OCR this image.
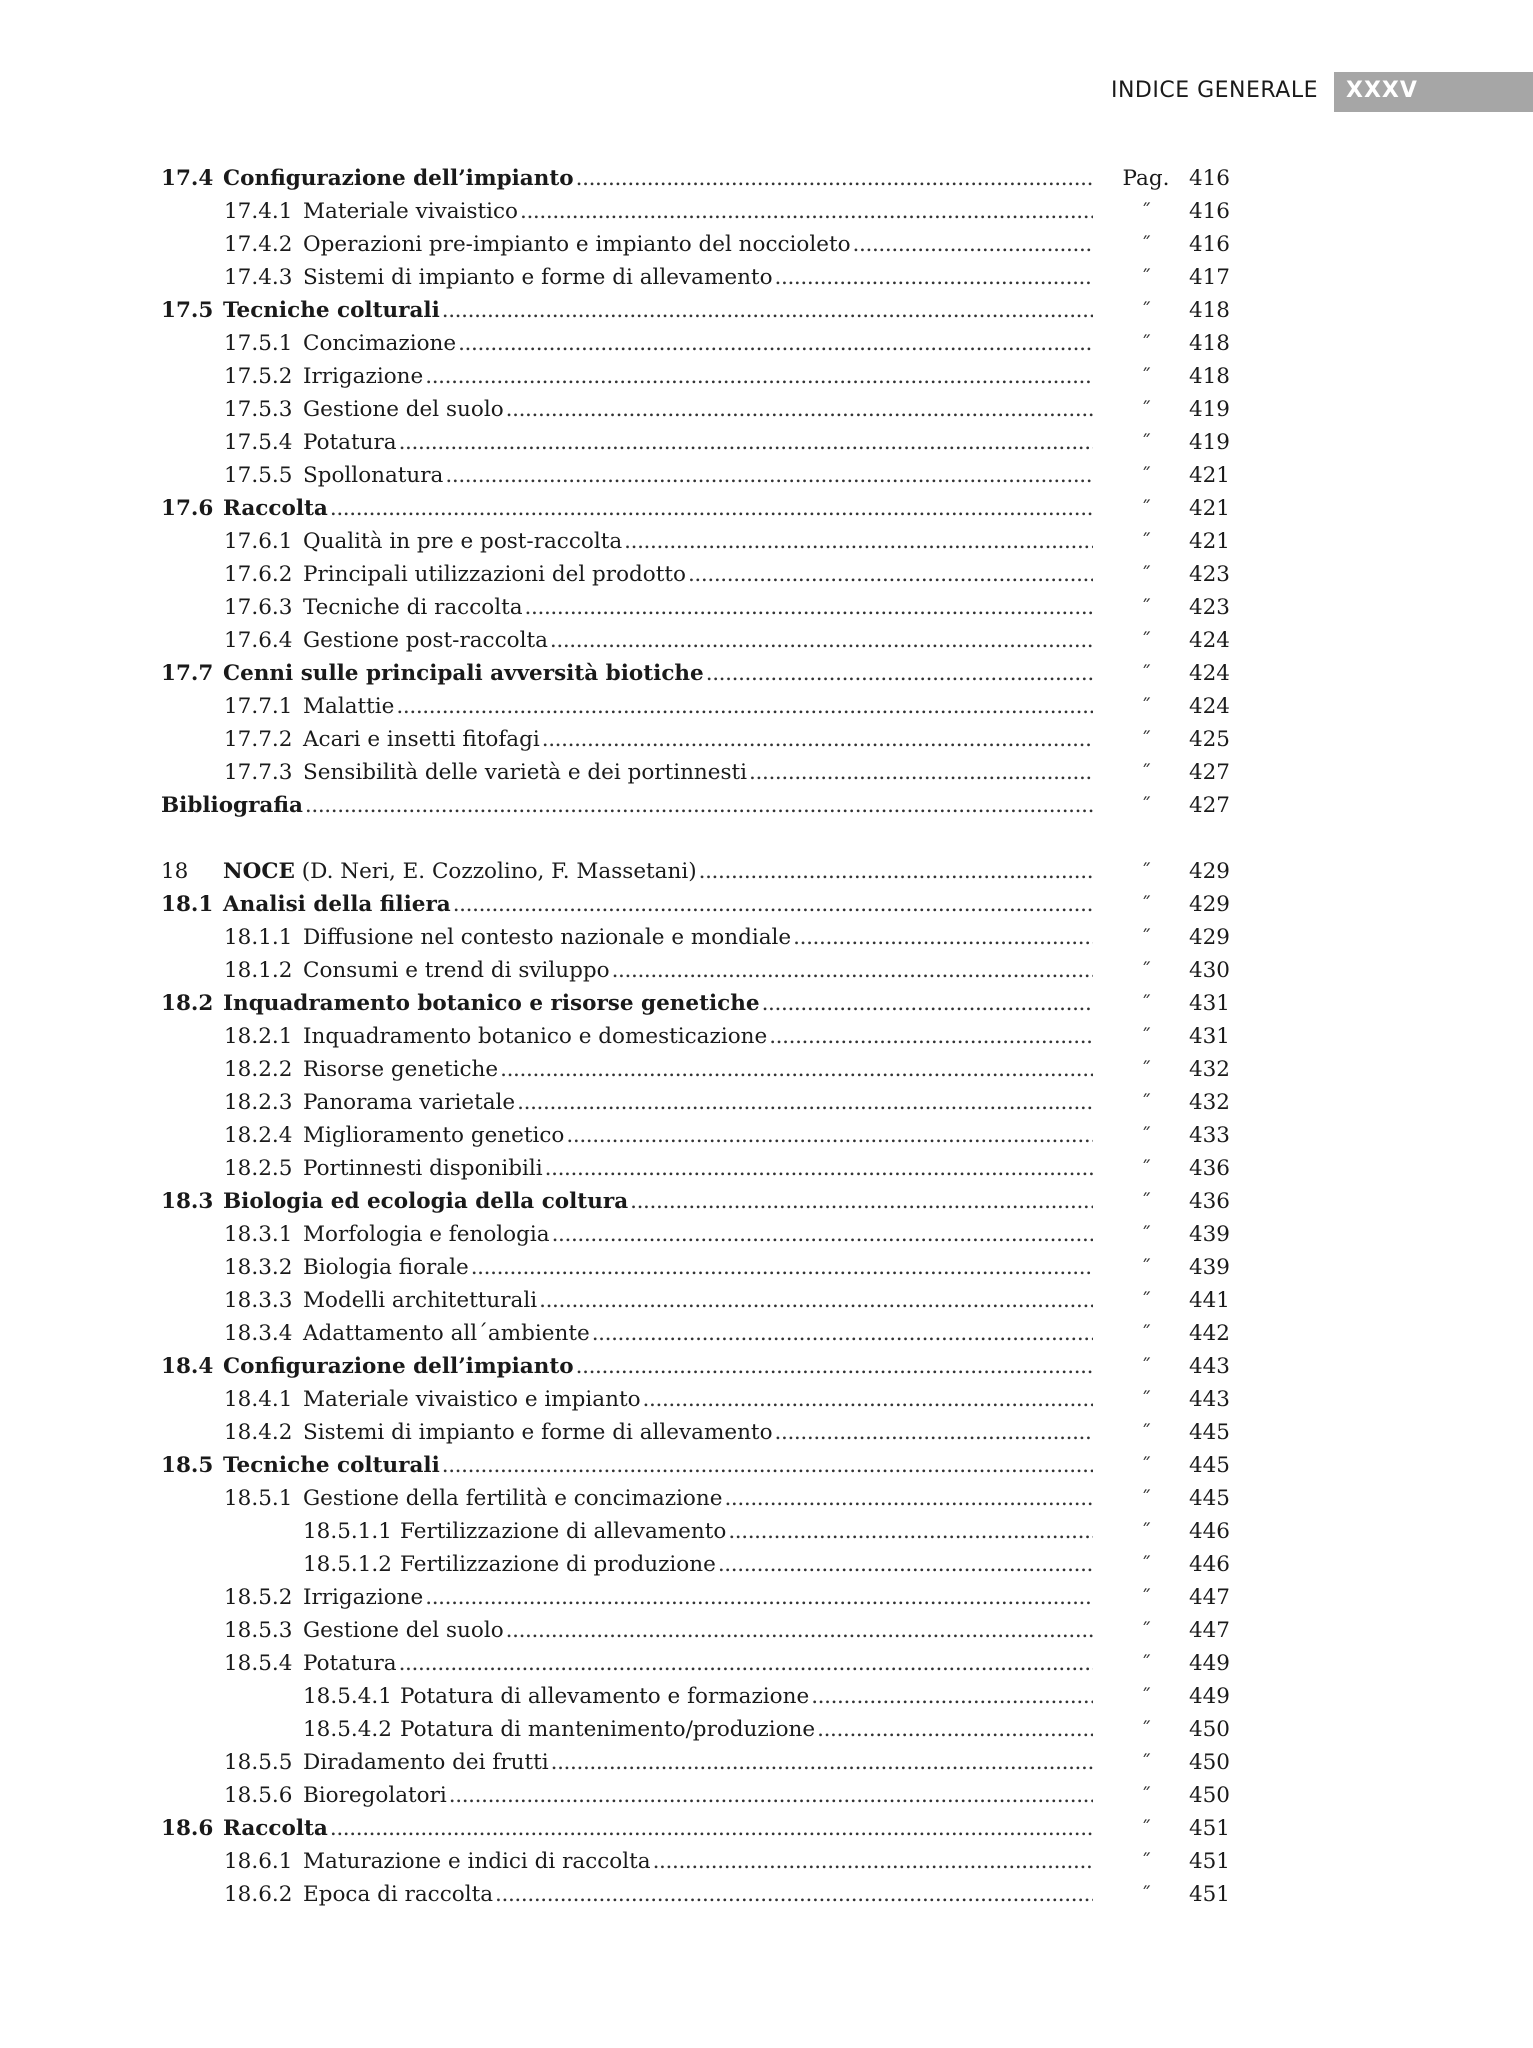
INDICE GENERALE XXXV
17.4 Configurazione dell’impianto . . .	Pag. 416
17.4.1 Materiale vivaistico . . .	˝	416
17.4.2 Operazioni pre-impianto e impianto del noccioleto . . .	˝	416
17.4.3 Sistemi di impianto e forme di allevamento . . .	˝	417
17.5 Tecniche colturali . . .	˝	418
17.5.1 Concimazione . . .	˝	418
17.5.2 Irrigazione . . .	˝	418
17.5.3 Gestione del suolo . . .	˝	419
17.5.4 Potatura . . .	˝	419
17.5.5 Spollonatura . . .	˝	421
17.6 Raccolta . . .	˝	421
17.6.1 Qualità in pre e post-raccolta . . .	˝	421
17.6.2 Principali utilizzazioni del prodotto . . .	˝	423
17.6.3 Tecniche di raccolta . . .	˝	423
17.6.4 Gestione post-raccolta . . .	˝	424
17.7 Cenni sulle principali avversità biotiche . . .	˝	424
17.7.1 Malattie . . .	˝	424
17.7.2 Acari e insetti fitofagi . . .	˝	425
17.7.3 Sensibilità delle varietà e dei portinnesti . . .	˝	427
Bibliografia . . .	˝	427
18	NOCE (D. Neri, E. Cozzolino, F. Massetani) . . .	˝	429
18.1 Analisi della filiera . . .	˝	429
18.1.1 Diffusione nel contesto nazionale e mondiale . . .	˝	429
18.1.2 Consumi e trend di sviluppo . . .	˝	430
18.2 Inquadramento botanico e risorse genetiche . . .	˝	431
18.2.1 Inquadramento botanico e domesticazione . . .	˝	431
18.2.2 Risorse genetiche . . .	˝	432
18.2.3 Panorama varietale . . .	˝	432
18.2.4 Miglioramento genetico . . .	˝	433
18.2.5 Portinnesti disponibili . . .	˝	436
18.3 Biologia ed ecologia della coltura . . .	˝	436
18.3.1 Morfologia e fenologia . . .	˝	439
18.3.2 Biologia fiorale . . .	˝	439
18.3.3 Modelli architetturali . . .	˝	441
18.3.4 Adattamento all´ambiente . . .	˝	442
18.4 Configurazione dell’impianto . . .	˝	443
18.4.1 Materiale vivaistico e impianto . . .	˝	443
18.4.2 Sistemi di impianto e forme di allevamento . . .	˝	445
18.5 Tecniche colturali . . .	˝	445
18.5.1 Gestione della fertilità e concimazione . . .	˝	445
18.5.1.1 Fertilizzazione di allevamento . . .	˝	446
18.5.1.2 Fertilizzazione di produzione . . .	˝	446
18.5.2 Irrigazione . . .	˝	447
18.5.3 Gestione del suolo . . .	˝	447
18.5.4 Potatura . . .	˝	449
18.5.4.1 Potatura di allevamento e formazione . . .	˝	449
18.5.4.2 Potatura di mantenimento/produzione . . .	˝	450
18.5.5 Diradamento dei frutti . . .	˝	450
18.5.6 Bioregolatori . . .	˝	450
18.6 Raccolta . . .	˝	451
18.6.1 Maturazione e indici di raccolta . . .	˝	451
18.6.2 Epoca di raccolta . . .	˝	451
